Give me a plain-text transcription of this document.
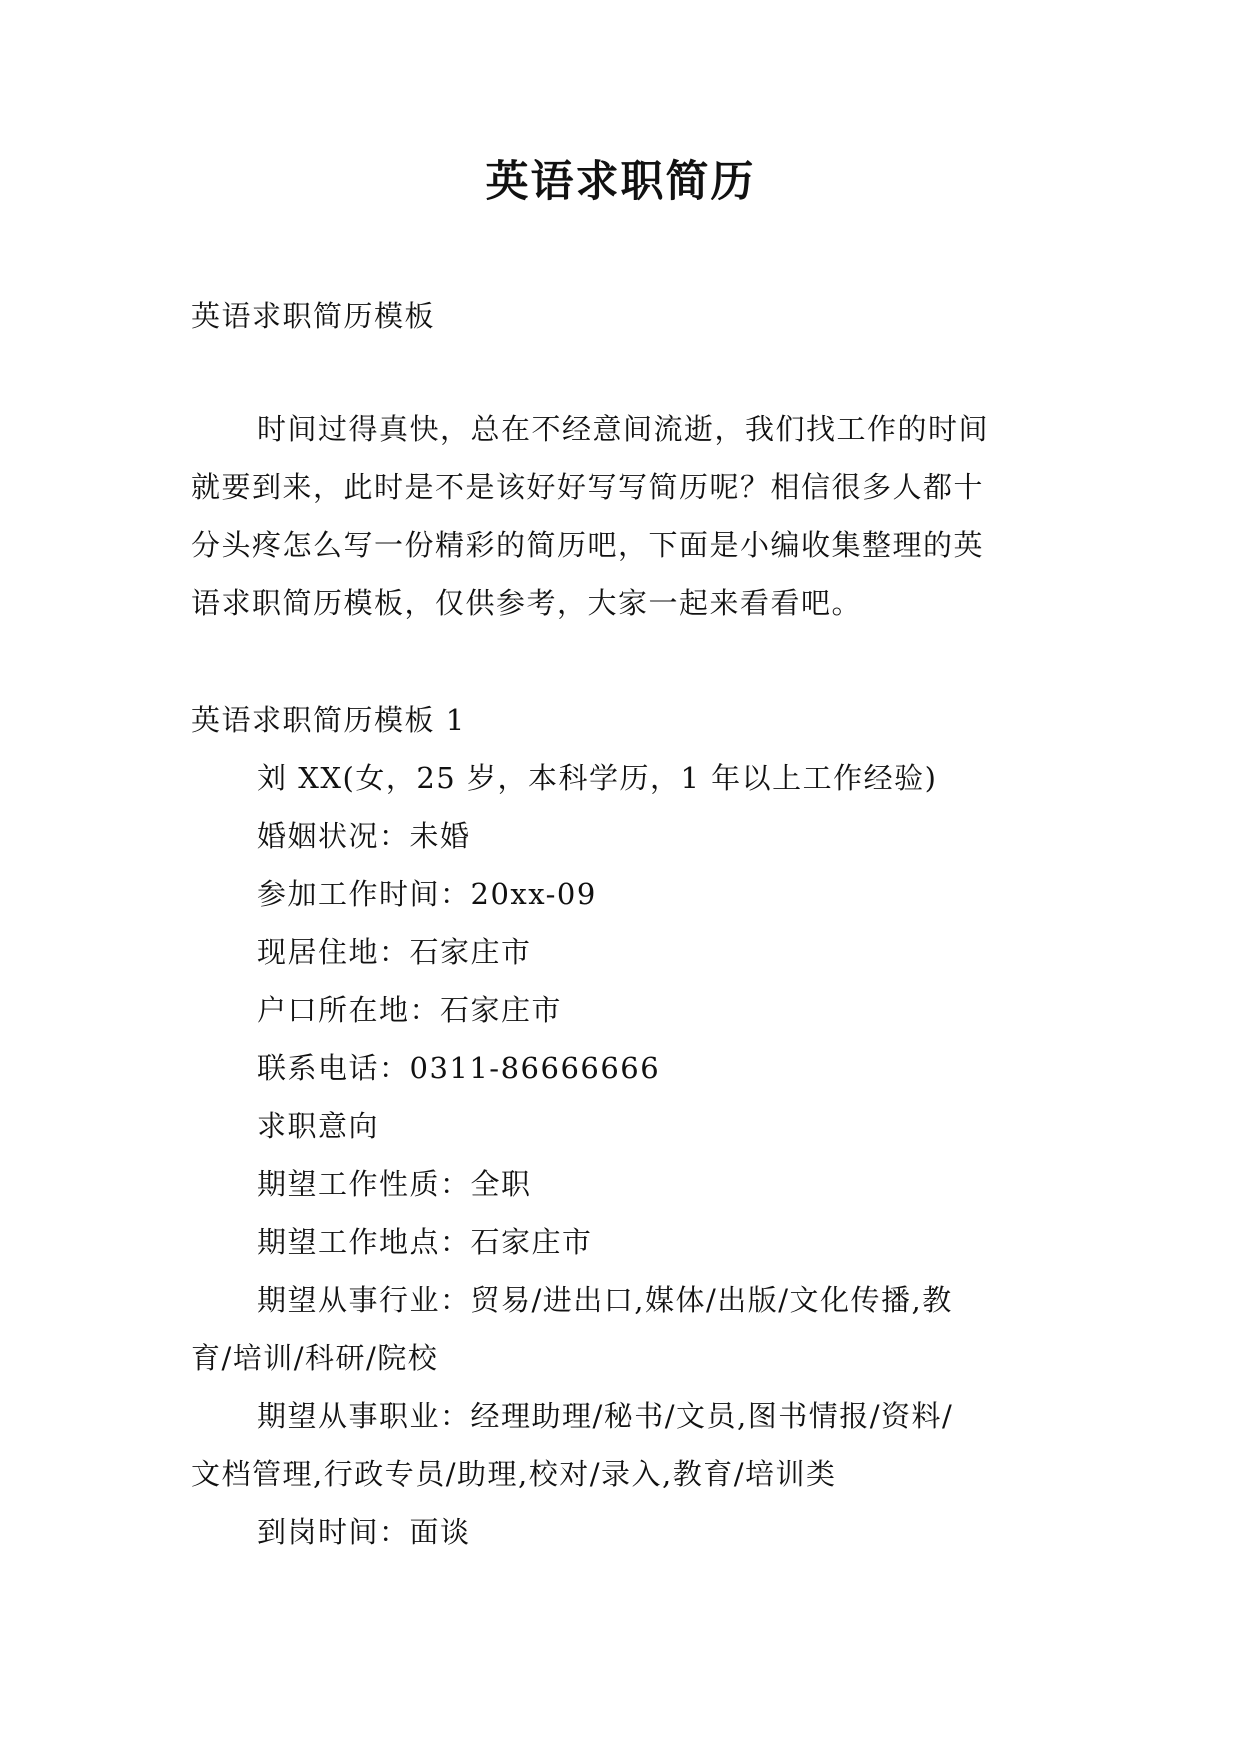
英语求职简历
英语求职简历模板
时间过得真快，总在不经意间流逝，我们找工作的时间
就要到来，此时是不是该好好写写简历呢？相信很多人都十
分头疼怎么写一份精彩的简历吧，下面是小编收集整理的英
语求职简历模板，仅供参考，大家一起来看看吧。
英语求职简历模板 1
刘 XX(女，25 岁，本科学历，1 年以上工作经验)
婚姻状况：未婚
参加工作时间：20xx-09
现居住地：石家庄市
户口所在地：石家庄市
联系电话：0311-86666666
求职意向
期望工作性质：全职
期望工作地点：石家庄市
期望从事行业：贸易/进出口,媒体/出版/文化传播,教
育/培训/科研/院校
期望从事职业：经理助理/秘书/文员,图书情报/资料/
文档管理,行政专员/助理,校对/录入,教育/培训类
到岗时间：面谈
